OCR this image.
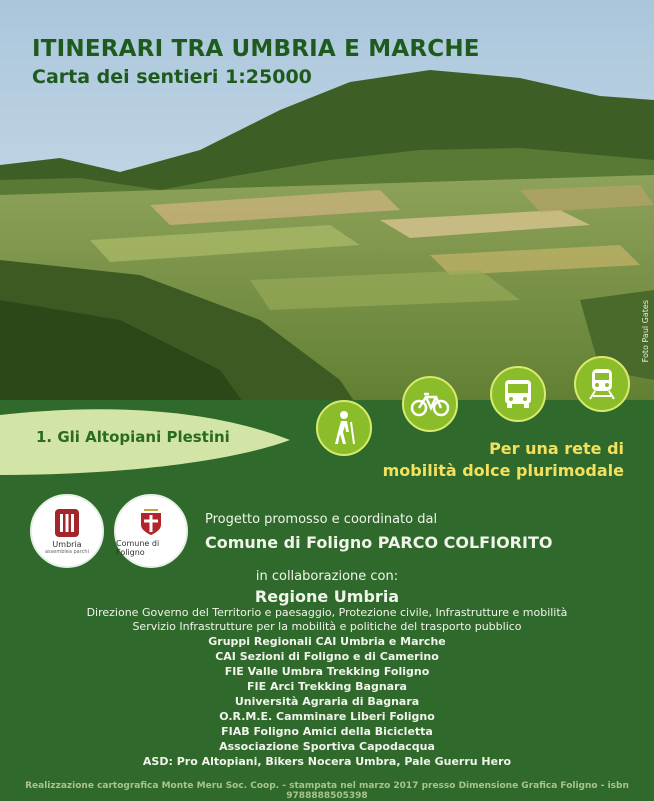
ITINERARI TRA UMBRIA E MARCHE
Carta dei sentieri 1:25000
Foto Paul Gates
1. Gli Altopiani Plestini
Per una rete di
mobilità dolce plurimodale
Umbria
assemblea parchi
Comune di Foligno
Progetto promosso e coordinato dal
Comune di Foligno PARCO COLFIORITO
in collaborazione con:
Regione Umbria
Direzione Governo del Territorio e paesaggio, Protezione civile, Infrastrutture e mobilità
Servizio Infrastrutture per la mobilità e politiche del trasporto pubblico
Gruppi Regionali CAI Umbria e Marche
CAI Sezioni di Foligno e di Camerino
FIE Valle Umbra Trekking Foligno
FIE Arci Trekking Bagnara
Università Agraria di Bagnara
O.R.M.E. Camminare Liberi Foligno
FIAB Foligno Amici della Bicicletta
Associazione Sportiva Capodacqua
ASD: Pro Altopiani, Bikers Nocera Umbra, Pale Guerru Hero
Realizzazione cartografica Monte Meru Soc. Coop. - stampata nel marzo 2017 presso Dimensione Grafica Foligno - isbn 9788888505398
